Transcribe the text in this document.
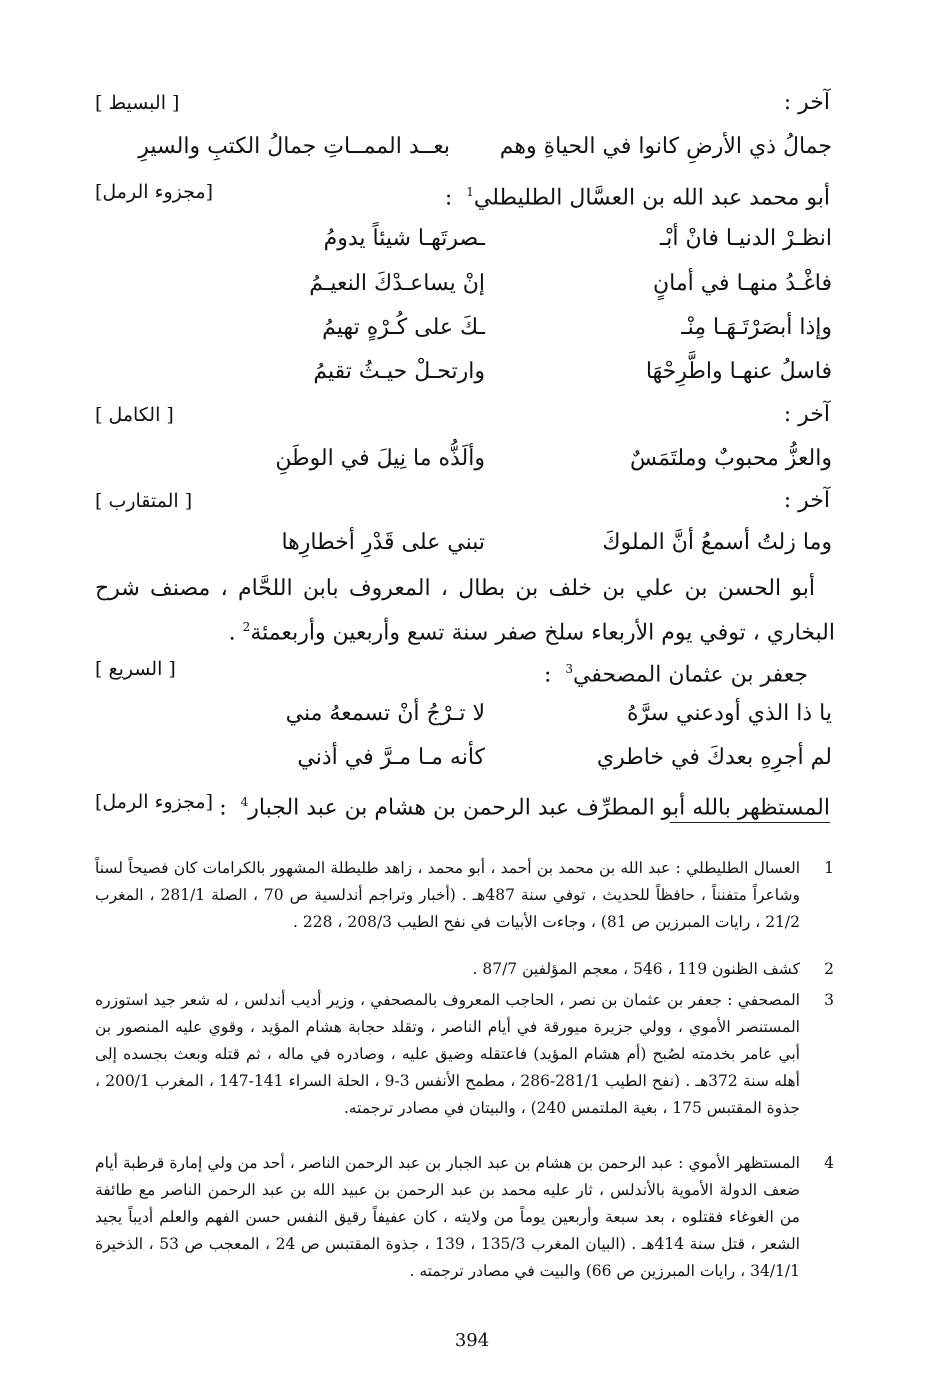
آخر :
[ البسيط ]
جمالُ ذي الأرضِ كانوا في الحياةِ وهم
بعــد الممــاتِ جمالُ الكتبِ والسيرِ
أبو محمد عبد الله بن العسَّال الطليطلي$^1$  :
[مجزوء الرمل]
انظـرْ الدنيـا فانْ أبْـ
ـصرتَهـا شيئاً يدومُ
فاغْـدُ منهـا في أمانٍ
إنْ يساعـدْكَ النعيـمُ
وإذا أبصَرْتَـهَـا مِنْـ
ـكَ على كُـرْهٍ تهيمُ
فاسلُ عنهـا واطَّرِحْهَا
وارتحـلْ حيـثُ تقيمُ
آخر :
[ الكامل ]
والعزُّ محبوبٌ وملتَمَسٌ
وألَذُّه ما نِيلَ في الوطَنِ
آخر :
[ المتقارب ]
وما زلتُ أسمعُ أنَّ الملوكَ
تبني على قَدْرِ أخطارِها
أبو الحسن بن علي بن خلف بن بطال ، المعروف بابن اللحَّام ، مصنف شرح البخاري ، توفي يوم الأربعاء سلخ صفر سنة تسع وأربعين وأربعمئة$^2$ .
جعفر بن عثمان المصحفي$^3$  :
[ السريع ]
يا ذا الذي أودعني سرَّهُ
لا تـرْجُ أنْ تسمعهُ مني
لم أجرِهِ بعدكَ في خاطري
كأنه مـا مـرَّ في أذني
المستظهر بالله أبو المطرِّف عبد الرحمن بن هشام بن عبد الجبار$^4$  :
[مجزوء الرمل]
1
العسال الطليطلي : عبد الله بن محمد بن أحمد ، أبو محمد ، زاهد طليطلة المشهور بالكرامات كان فصيحاً لسناً وشاعراً متفنناً ، حافظاً للحديث ، توفي سنة 487هـ . (أخبار وتراجم أندلسية ص 70 ، الصلة 281/1 ، المغرب 21/2 ، رايات المبرزين ص 81) ، وجاءت الأبيات في نفح الطيب 208/3 ، 228 .
2
كشف الظنون 119 ، 546 ، معجم المؤلفين 87/7 .
3
المصحفي : جعفر بن عثمان بن نصر ، الحاجب المعروف بالمصحفي ، وزير أديب أندلس ، له شعر جيد استوزره المستنصر الأموي ، وولي جزيرة ميورقة في أيام الناصر ، وتقلد حجابة هشام المؤيد ، وقوي عليه المنصور بن أبي عامر بخدمته لصُبح (أم هشام المؤيد) فاعتقله وضيق عليه ، وصادره في ماله ، ثم قتله وبعث بجسده إلى أهله سنة 372هـ . (نفح الطيب 281/1-286 ، مطمح الأنفس 3-9 ، الحلة السراء 141-147 ، المغرب 200/1 ، جذوة المقتبس 175 ، بغية الملتمس 240) ، والبيتان في مصادر ترجمته.
4
المستظهر الأموي : عبد الرحمن بن هشام بن عبد الجبار بن عبد الرحمن الناصر ، أحد من ولي إمارة قرطبة أيام ضعف الدولة الأموية بالأندلس ، ثار عليه محمد بن عبد الرحمن بن عبيد الله بن عبد الرحمن الناصر مع طائفة من الغوغاء فقتلوه ، بعد سبعة وأربعين يوماً من ولايته ، كان عفيفاً رقيق النفس حسن الفهم والعلم أديباً يجيد الشعر ، قتل سنة 414هـ . (البيان المغرب 135/3 ، 139 ، جذوة المقتبس ص 24 ، المعجب ص 53 ، الذخيرة 34/1/1 ، رايات المبرزين ص 66) والبيت في مصادر ترجمته .
394
